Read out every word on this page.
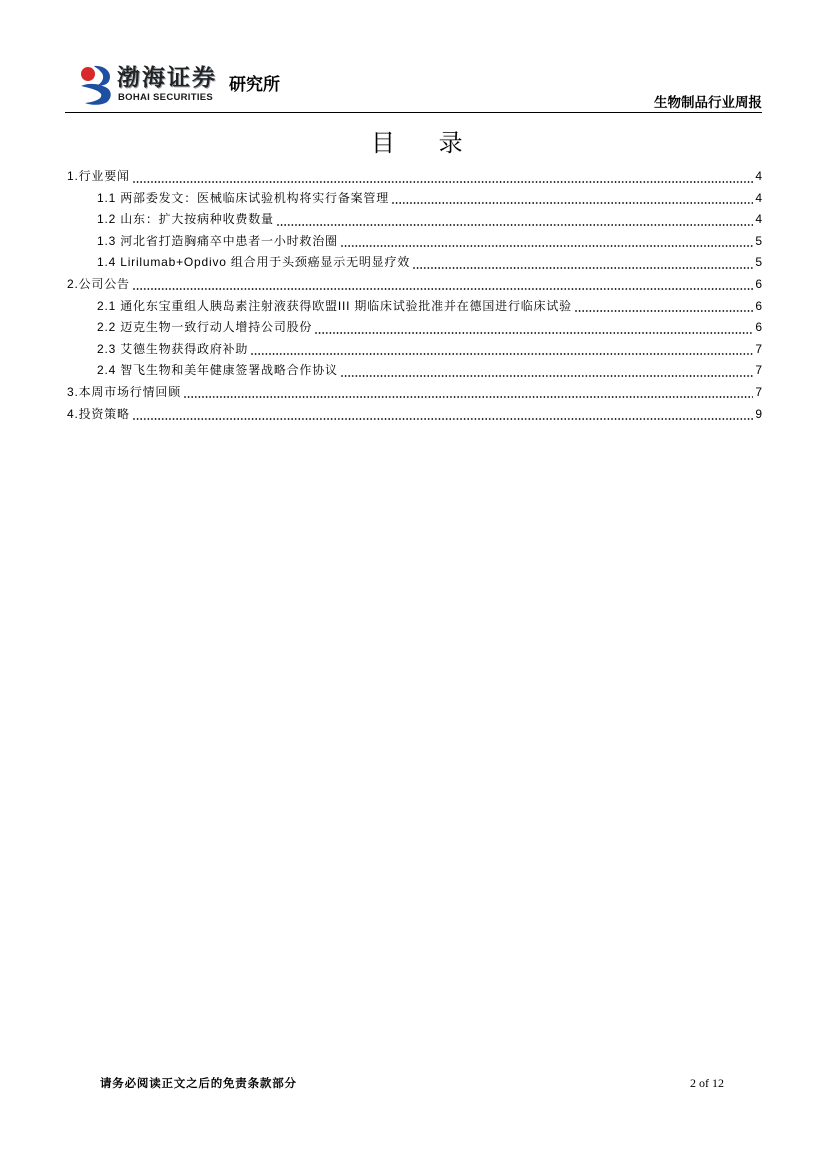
渤海证券
BOHAI SECURITIES
研究所
生物制品行业周报
目 录
1.行业要闻	4
1.1 两部委发文：医械临床试验机构将实行备案管理	4
1.2 山东：扩大按病种收费数量	4
1.3 河北省打造胸痛卒中患者一小时救治圈	5
1.4 Lirilumab+Opdivo 组合用于头颈癌显示无明显疗效	5
2.公司公告	6
2.1 通化东宝重组人胰岛素注射液获得欧盟III 期临床试验批准并在德国进行临床试验	6
2.2 迈克生物一致行动人增持公司股份	6
2.3 艾德生物获得政府补助	7
2.4 智飞生物和美年健康签署战略合作协议	7
3.本周市场行情回顾	7
4.投资策略	9
请务必阅读正文之后的免责条款部分	2 of 12
